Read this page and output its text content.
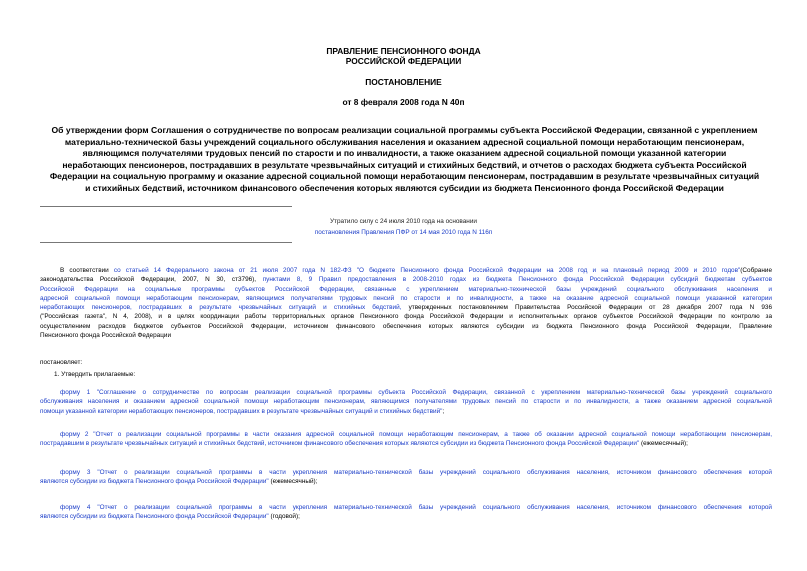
ПРАВЛЕНИЕ ПЕНСИОННОГО ФОНДА
РОССИЙСКОЙ ФЕДЕРАЦИИ
ПОСТАНОВЛЕНИЕ
от 8 февраля 2008 года N 40п
Об утверждении форм Соглашения о сотрудничестве по вопросам реализации социальной программы субъекта Российской Федерации, связанной с укреплением
материально-технической базы учреждений социального обслуживания населения и оказанием адресной социальной помощи неработающим пенсионерам,
являющимся получателями трудовых пенсий по старости и по инвалидности, а также оказанием адресной социальной помощи указанной категории
неработающих пенсионеров, пострадавших в результате чрезвычайных ситуаций и стихийных бедствий, и отчетов о расходах бюджета субъекта Российской
Федерации на социальную программу и оказание адресной социальной помощи неработающим пенсионерам, пострадавшим в результате чрезвычайных ситуаций
и стихийных бедствий, источником финансового обеспечения которых являются субсидии из бюджета Пенсионного фонда Российской Федерации
Утратило силу с 24 июля 2010 года на основании
постановления Правления ПФР от 14 мая 2010 года N 116п
В соответствии со статьей 14 Федерального закона от 21 июля 2007 года N 182-ФЗ "О бюджете Пенсионного фонда Российской Федерации на 2008 год и на плановый период 2009 и 2010 годов"(Собрание
законодательства Российской Федерации, 2007, N 30, ст3796), пунктами 8, 9 Правил предоставления в 2008-2010 годах из бюджета Пенсионного фонда Российской Федерации субсидий бюджетам субъектов
Российской Федерации на социальные программы субъектов Российской Федерации, связанные с укреплением материально-технической базы учреждений социального обслуживания населения и
адресной социальной помощи неработающим пенсионерам, являющимся получателями трудовых пенсий по старости и по инвалидности, а также на оказание адресной социальной помощи указанной категории
неработающих пенсионеров, пострадавших в результате чрезвычайных ситуаций и стихийных бедствий, утвержденных постановлением Правительства Российской Федерации от 28 декабря 2007 года N 936
("Российская газета", N 4, 2008), и в целях координации работы территориальных органов Пенсионного фонда Российской Федерации и исполнительных органов субъектов Российской Федерации по контролю за
осуществлением расходов бюджетов субъектов Российской Федерации, источником финансового обеспечения которых являются субсидии из бюджета Пенсионного фонда Российской Федерации, Правление
Пенсионного фонда Российской Федерации
постановляет:
1. Утвердить прилагаемые:
форму 1 "Соглашение о сотрудничестве по вопросам реализации социальной программы субъекта Российской Федерации, связанной с укреплением материально-технической базы учреждений социального
обслуживания населения и оказанием адресной социальной помощи неработающим пенсионерам, являющимся получателями трудовых пенсий по старости и по инвалидности, а также оказанием адресной социальной
помощи указанной категории неработающих пенсионеров, пострадавших в результате чрезвычайных ситуаций и стихийных бедствий";
форму 2 "Отчет о реализации социальной программы в части оказания адресной социальной помощи неработающим пенсионерам, а также об оказании адресной социальной помощи неработающим пенсионерам,
пострадавшим в результате чрезвычайных ситуаций и стихийных бедствий, источником финансового обеспечения которых являются субсидии из бюджета Пенсионного фонда Российской Федерации" (ежемесячный);
форму 3 "Отчет о реализации социальной программы в части укрепления материально-технической базы учреждений социального обслуживания населения, источником финансового обеспечения которой
являются субсидии из бюджета Пенсионного фонда Российской Федерации" (ежемесячный);
форму 4 "Отчет о реализации социальной программы в части укрепления материально-технической базы учреждений социального обслуживания населения, источником финансового обеспечения которой
являются субсидии из бюджета Пенсионного фонда Российской Федерации" (годовой);
